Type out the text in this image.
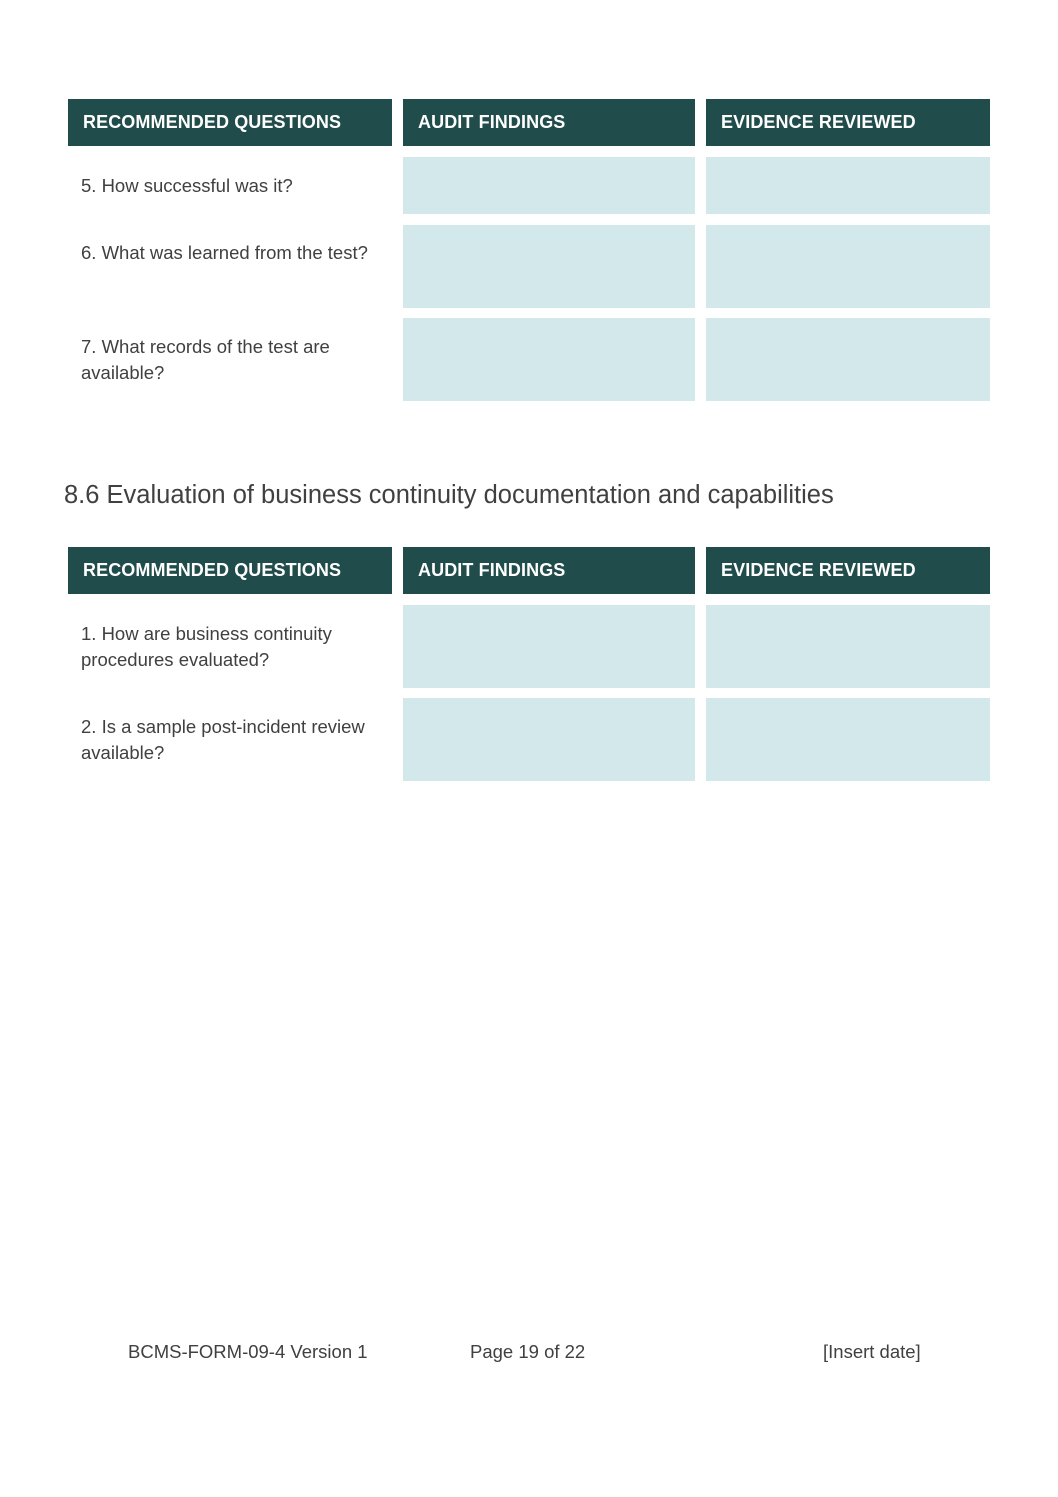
RECOMMENDED QUESTIONS	AUDIT FINDINGS	EVIDENCE REVIEWED
5. How successful was it?
6. What was learned from the test?
7. What records of the test are available?
8.6 Evaluation of business continuity documentation and capabilities
RECOMMENDED QUESTIONS	AUDIT FINDINGS	EVIDENCE REVIEWED
1. How are business continuity procedures evaluated?
2. Is a sample post-incident review available?
BCMS-FORM-09-4 Version 1	Page 19 of 22	[Insert date]
